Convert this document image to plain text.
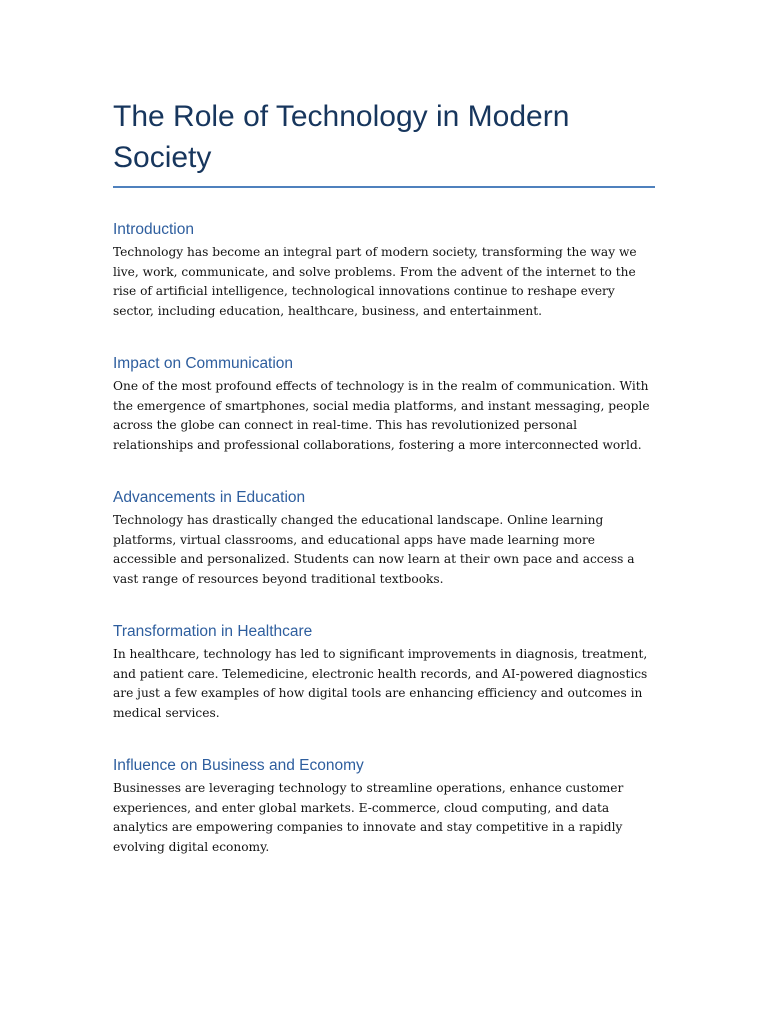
The Role of Technology in Modern Society
Introduction

Technology has become an integral part of modern society, transforming the way we live, work, communicate, and solve problems. From the advent of the internet to the rise of artificial intelligence, technological innovations continue to reshape every sector, including education, healthcare, business, and entertainment.

Impact on Communication

One of the most profound effects of technology is in the realm of communication. With the emergence of smartphones, social media platforms, and instant messaging, people across the globe can connect in real-time. This has revolutionized personal relationships and professional collaborations, fostering a more interconnected world.

Advancements in Education

Technology has drastically changed the educational landscape. Online learning platforms, virtual classrooms, and educational apps have made learning more accessible and personalized. Students can now learn at their own pace and access a vast range of resources beyond traditional textbooks.

Transformation in Healthcare

In healthcare, technology has led to significant improvements in diagnosis, treatment, and patient care. Telemedicine, electronic health records, and AI-powered diagnostics are just a few examples of how digital tools are enhancing efficiency and outcomes in medical services.

Influence on Business and Economy

Businesses are leveraging technology to streamline operations, enhance customer experiences, and enter global markets. E-commerce, cloud computing, and data analytics are empowering companies to innovate and stay competitive in a rapidly evolving digital economy.
